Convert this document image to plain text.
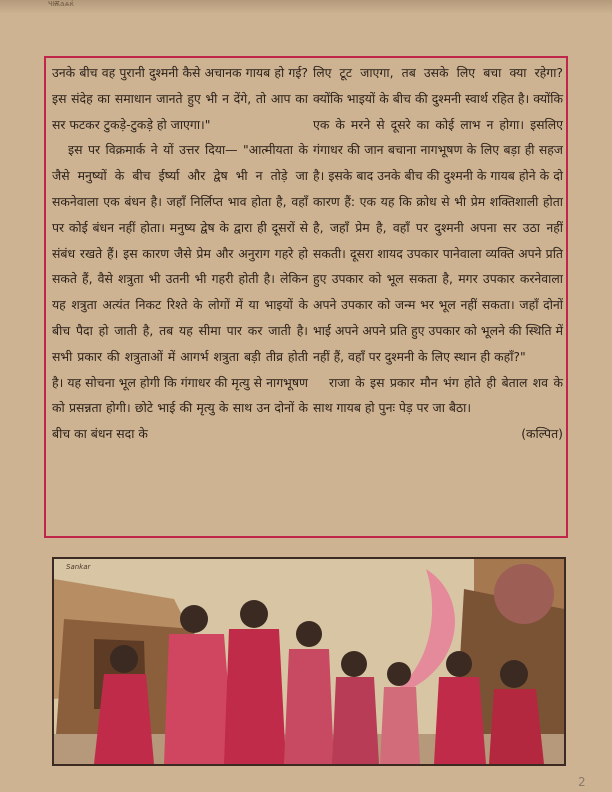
ЧѬаѧќ

उनके बीच वह पुरानी दुश्मनी कैसे अचानक गायब हो गई? इस संदेह का समाधान जानते हुए भी न देंगे, तो आप का सर फटकर टुकड़े-टुकड़े हो जाएगा।"

इस पर विक्रमार्क ने यों उत्तर दिया— "आत्मीयता के जैसे मनुष्यों के बीच ईर्ष्या और द्वेष भी न तोड़े जा सकनेवाला एक बंधन है। जहाँ निर्लिप्त भाव होता है, वहाँ पर कोई बंधन नहीं होता। मनुष्य द्वेष के द्वारा ही दूसरों से संबंध रखते हैं। इस कारण जैसे प्रेम और अनुराग गहरे हो सकते हैं, वैसे शत्रुता भी उतनी भी गहरी होती है। लेकिन यह शत्रुता अत्यंत निकट रिश्ते के लोगों में या भाइयों के बीच पैदा हो जाती है, तब यह सीमा पार कर जाती है। सभी प्रकार की शत्रुताओं में आगर्भ शत्रुता बड़ी तीव्र होती है। यह सोचना भूल होगी कि गंगाधर की मृत्यु से नागभूषण को प्रसन्नता होगी। छोटे भाई की मृत्यु के साथ उन दोनों के बीच का बंधन सदा के

लिए टूट जाएगा, तब उसके लिए बचा क्या रहेगा? क्योंकि भाइयों के बीच की दुश्मनी स्वार्थ रहित है। क्योंकि एक के मरने से दूसरे का कोई लाभ न होगा। इसलिए गंगाधर की जान बचाना नागभूषण के लिए बड़ा ही सहज है। इसके बाद उनके बीच की दुश्मनी के गायब होने के दो कारण हैं: एक यह कि क्रोध से भी प्रेम शक्तिशाली होता है, जहाँ प्रेम है, वहाँ पर दुश्मनी अपना सर उठा नहीं सकती। दूसरा शायद उपकार पानेवाला व्यक्ति अपने प्रति हुए उपकार को भूल सकता है, मगर उपकार करनेवाला अपने उपकार को जन्म भर भूल नहीं सकता। जहाँ दोनों भाई अपने अपने प्रति हुए उपकार को भूलने की स्थिति में नहीं हैं, वहाँ पर दुश्मनी के लिए स्थान ही कहाँ?"

राजा के इस प्रकार मौन भंग होते ही बेताल शव के साथ गायब हो पुनः पेड़ पर जा बैठा।

(कल्पित)

Sankar
2
